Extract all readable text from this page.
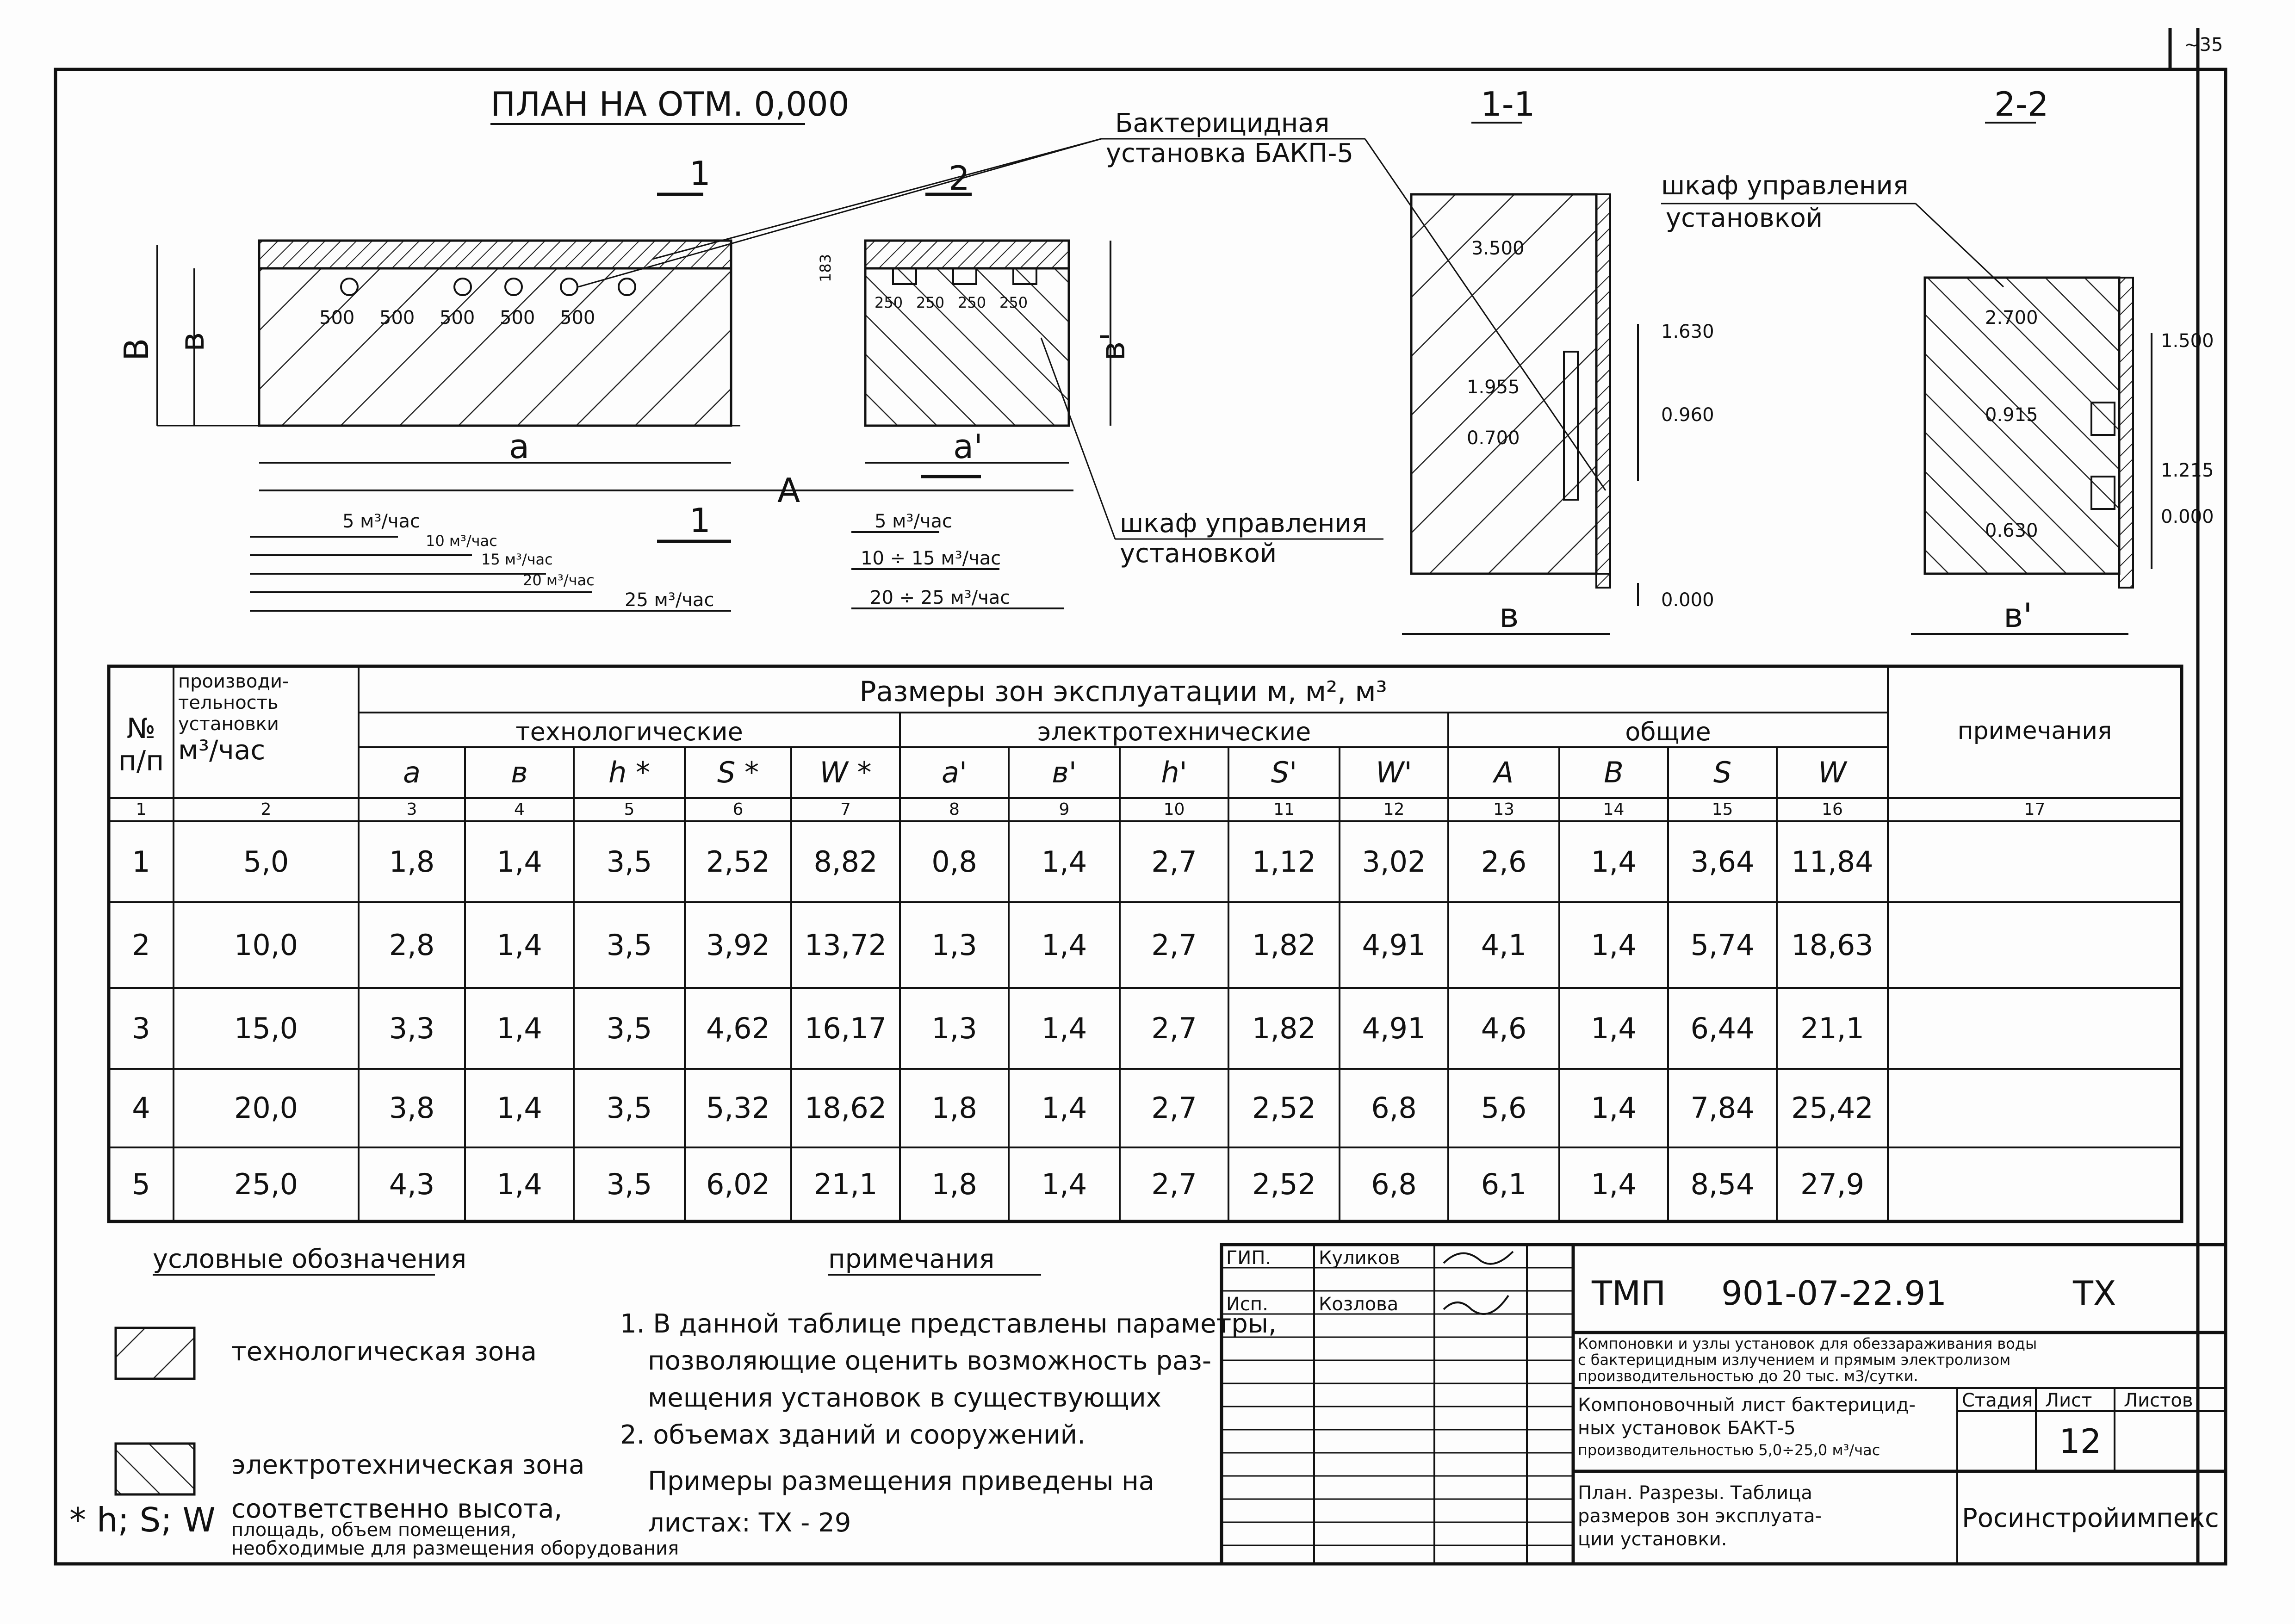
~35
ПЛАН НА ОТМ. 0,000	Бактерицидная
установка БАКП-5
500 500 500 500 500
В в
а
А
1
1
2
5 м³/час
10 м³/час
15 м³/час
20 м³/час
25 м³/час
250 250 250 250
183
в'
а'
5 м³/час
10 ÷ 15 м³/час
20 ÷ 25 м³/час
шкаф управления
установкой
1-1
3.500
1.955
0.700
1.630
0.960
0.000
в
шкаф управления
установкой
2-2
2.700
0.915
0.630
1.500
1.215
0.000
в'
условные обозначения
технологическая зона
электротехническая зона
* h; S; W соответственно высота,
площадь, объем помещения,
необходимые для размещения оборудования
примечания
1. В данной таблице представлены параметры,
позволяющие оценить возможность раз-
мещения установок в существующих
2. объемах зданий и сооружений.
Примеры размещения приведены на
листах: ТХ - 29
ГИП.	Куликов
Исп.	Козлова	ТМП 901-07-22.91	ТХ
Компоновки и узлы установок для обеззараживания воды
с бактерицидным излучением и прямым электролизом
производительностью до 20 тыс. м3/сутки.
Компоновочный лист бактерицид-
ных установок БАКТ-5
производительностью 5,0÷25,0 м³/час
Стадия Лист Листов
12
План. Разрезы. Таблица
размеров зон эксплуата-
ции установки.
Росинстройимпекс
№ п/п
производи-
тельность
установки
м³/час
Размеры зон эксплуатации м, м², м³
технологические	электротехнические	общие	примечания
a	в	h *	S *	W *	a'	в'	h'	S'	W'	A	B	S	W
1	2	3	4	5	6	7	8	9	10	11	12	13	14	15	16	17
1	5,0	1,8	1,4	3,5	2,52	8,82	0,8	1,4	2,7	1,12	3,02	2,6	1,4	3,64	11,84
2	10,0	2,8	1,4	3,5	3,92	13,72	1,3	1,4	2,7	1,82	4,91	4,1	1,4	5,74	18,63
3	15,0	3,3	1,4	3,5	4,62	16,17	1,3	1,4	2,7	1,82	4,91	4,6	1,4	6,44	21,1
4	20,0	3,8	1,4	3,5	5,32	18,62	1,8	1,4	2,7	2,52	6,8	5,6	1,4	7,84	25,42
5	25,0	4,3	1,4	3,5	6,02	21,1	1,8	1,4	2,7	2,52	6,8	6,1	1,4	8,54	27,9
